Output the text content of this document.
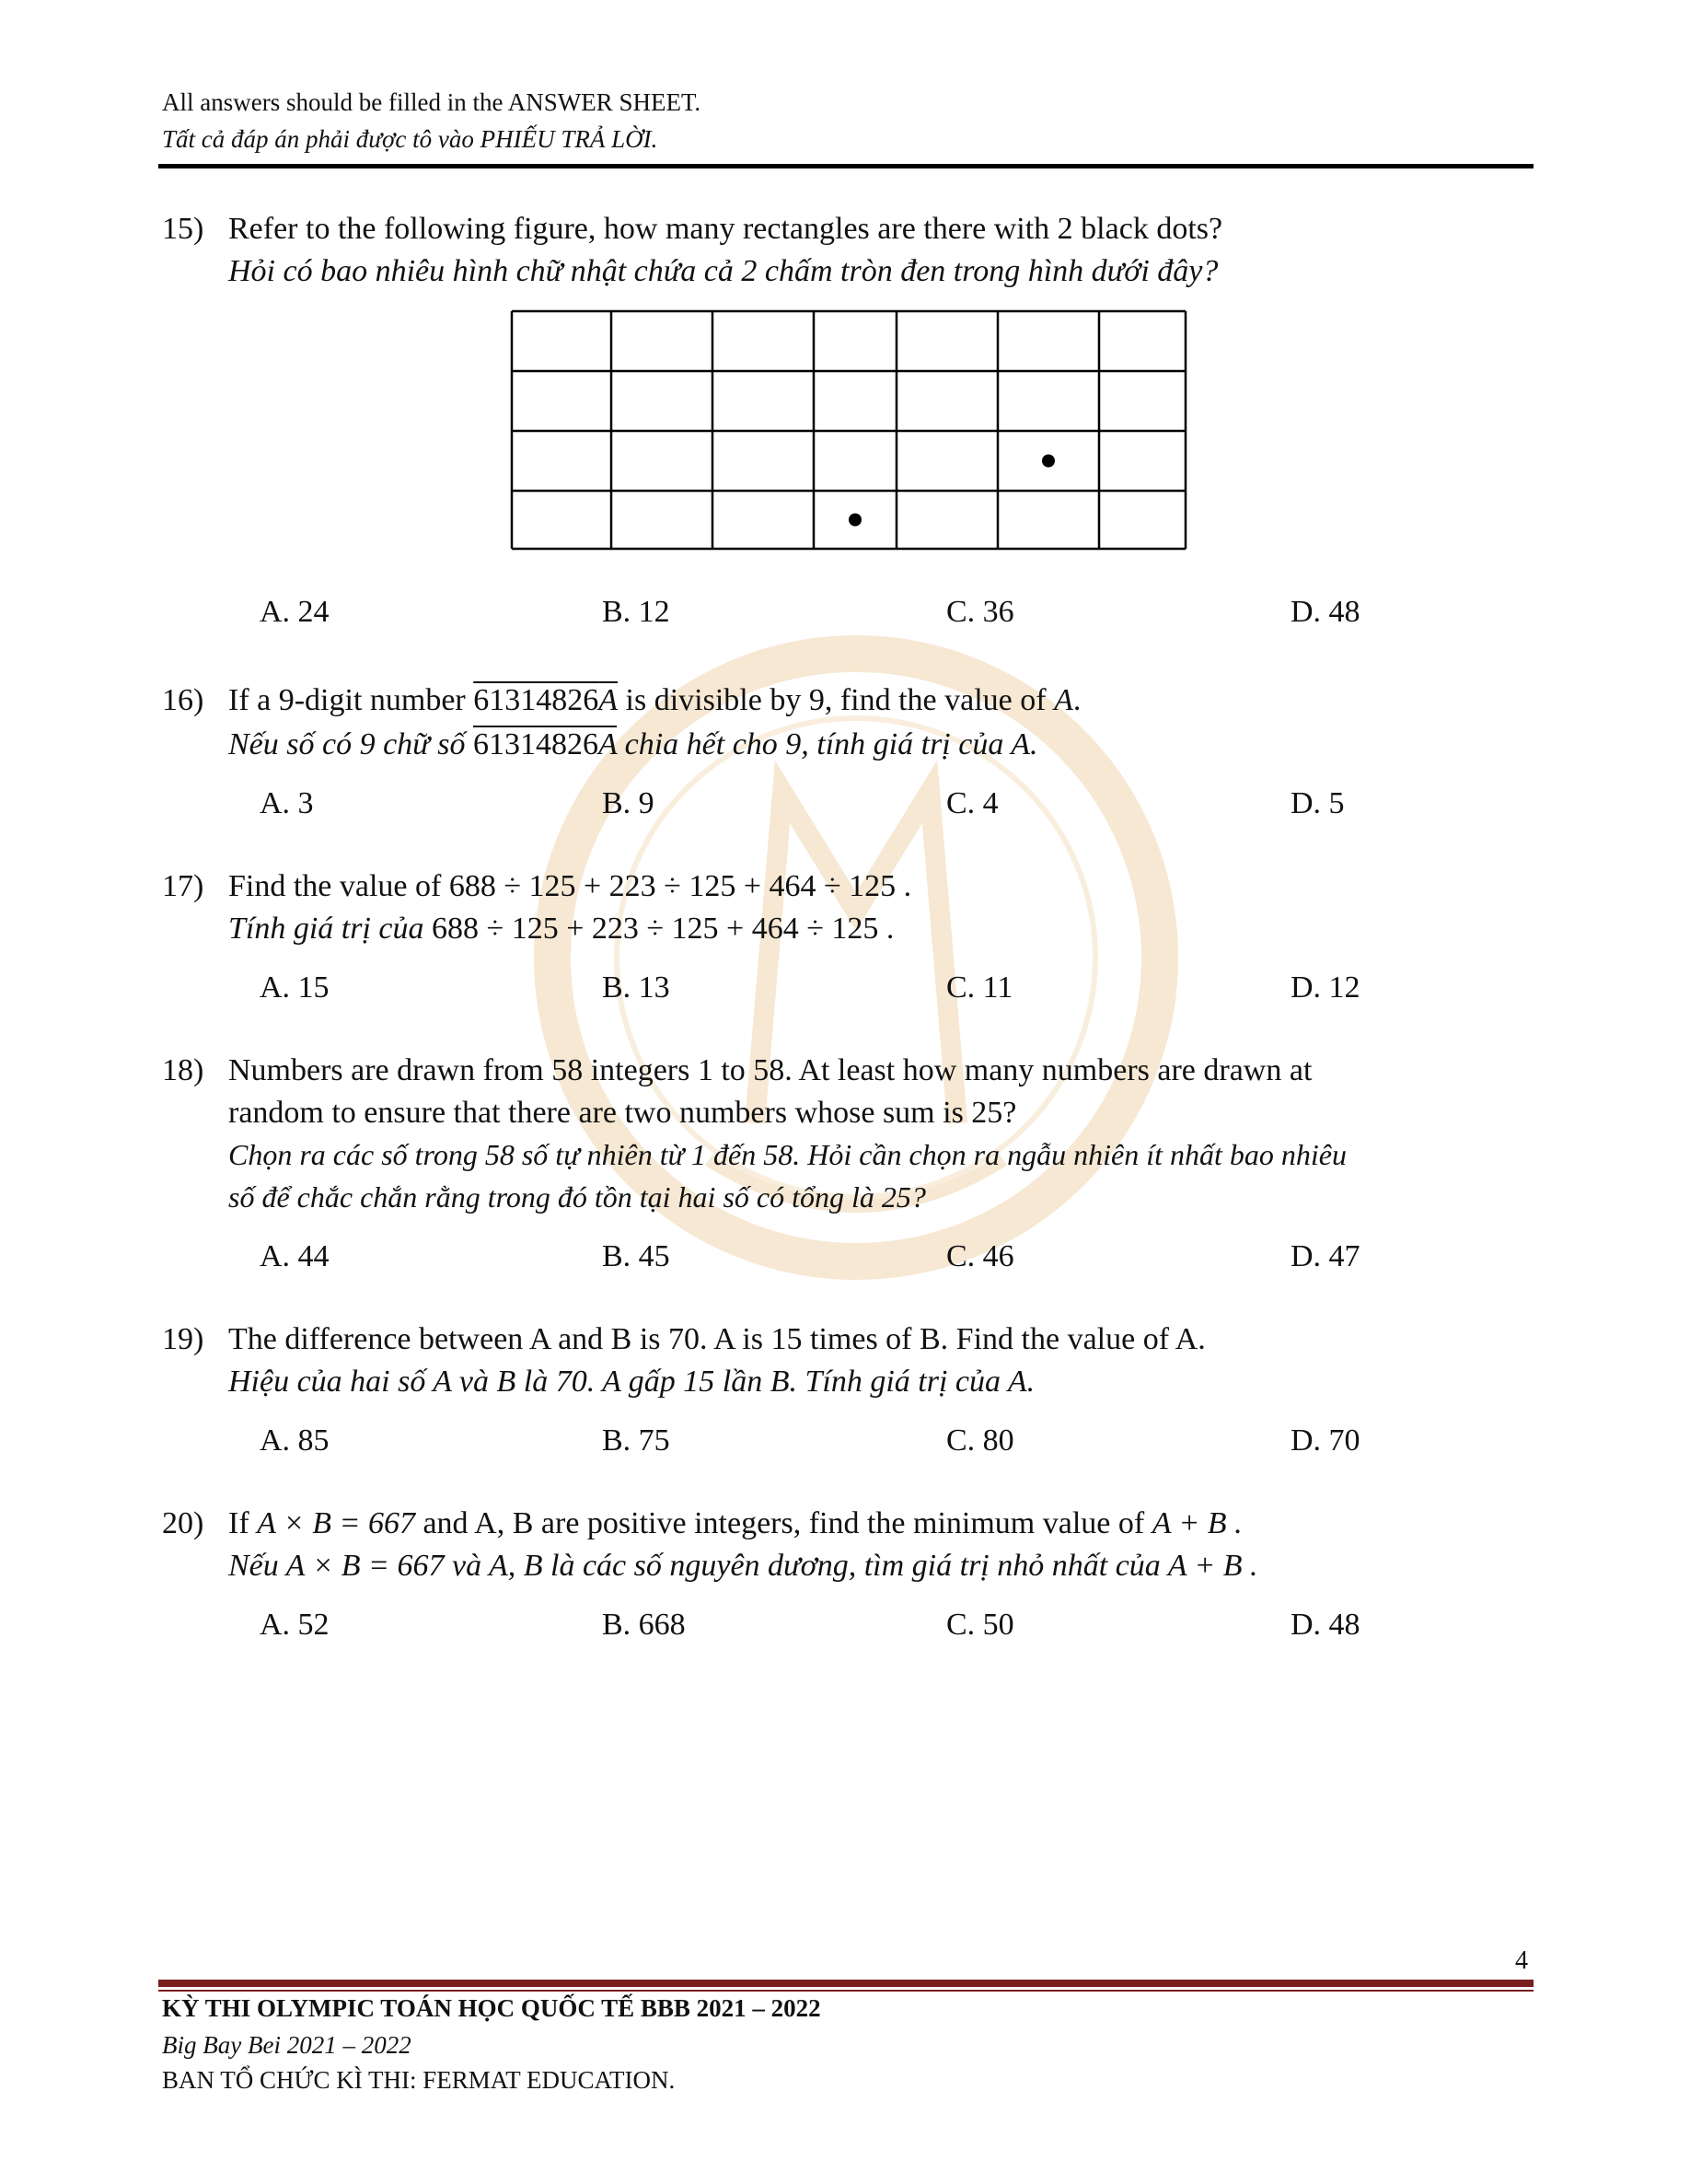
All answers should be filled in the ANSWER SHEET.
Tất cả đáp án phải được tô vào PHIẾU TRẢ LỜI.
15) Refer to the following figure, how many rectangles are there with 2 black dots?
Hỏi có bao nhiêu hình chữ nhật chứa cả 2 chấm tròn đen trong hình dưới đây?
A. 24	B. 12	C. 36	D. 48
16) If a 9-digit number 61314826A is divisible by 9, find the value of A.
Nếu số có 9 chữ số 61314826A chia hết cho 9, tính giá trị của A.
A. 3	B. 9	C. 4	D. 5
17) Find the value of 688 ÷ 125 + 223 ÷ 125 + 464 ÷ 125 .
Tính giá trị của 688 ÷ 125 + 223 ÷ 125 + 464 ÷ 125 .
A. 15	B. 13	C. 11	D. 12
18) Numbers are drawn from 58 integers 1 to 58. At least how many numbers are drawn at
random to ensure that there are two numbers whose sum is 25?
Chọn ra các số trong 58 số tự nhiên từ 1 đến 58. Hỏi cần chọn ra ngẫu nhiên ít nhất bao nhiêu
số để chắc chắn rằng trong đó tồn tại hai số có tổng là 25?
A. 44	B. 45	C. 46	D. 47
19) The difference between A and B is 70. A is 15 times of B. Find the value of A.
Hiệu của hai số A và B là 70. A gấp 15 lần B. Tính giá trị của A.
A. 85	B. 75	C. 80	D. 70
20) If A × B = 667 and A, B are positive integers, find the minimum value of A + B .
Nếu A × B = 667 và A, B là các số nguyên dương, tìm giá trị nhỏ nhất của A + B .
A. 52	B. 668	C. 50	D. 48
4
KỲ THI OLYMPIC TOÁN HỌC QUỐC TẾ BBB 2021 – 2022
Big Bay Bei 2021 – 2022
BAN TỔ CHỨC KÌ THI: FERMAT EDUCATION.
